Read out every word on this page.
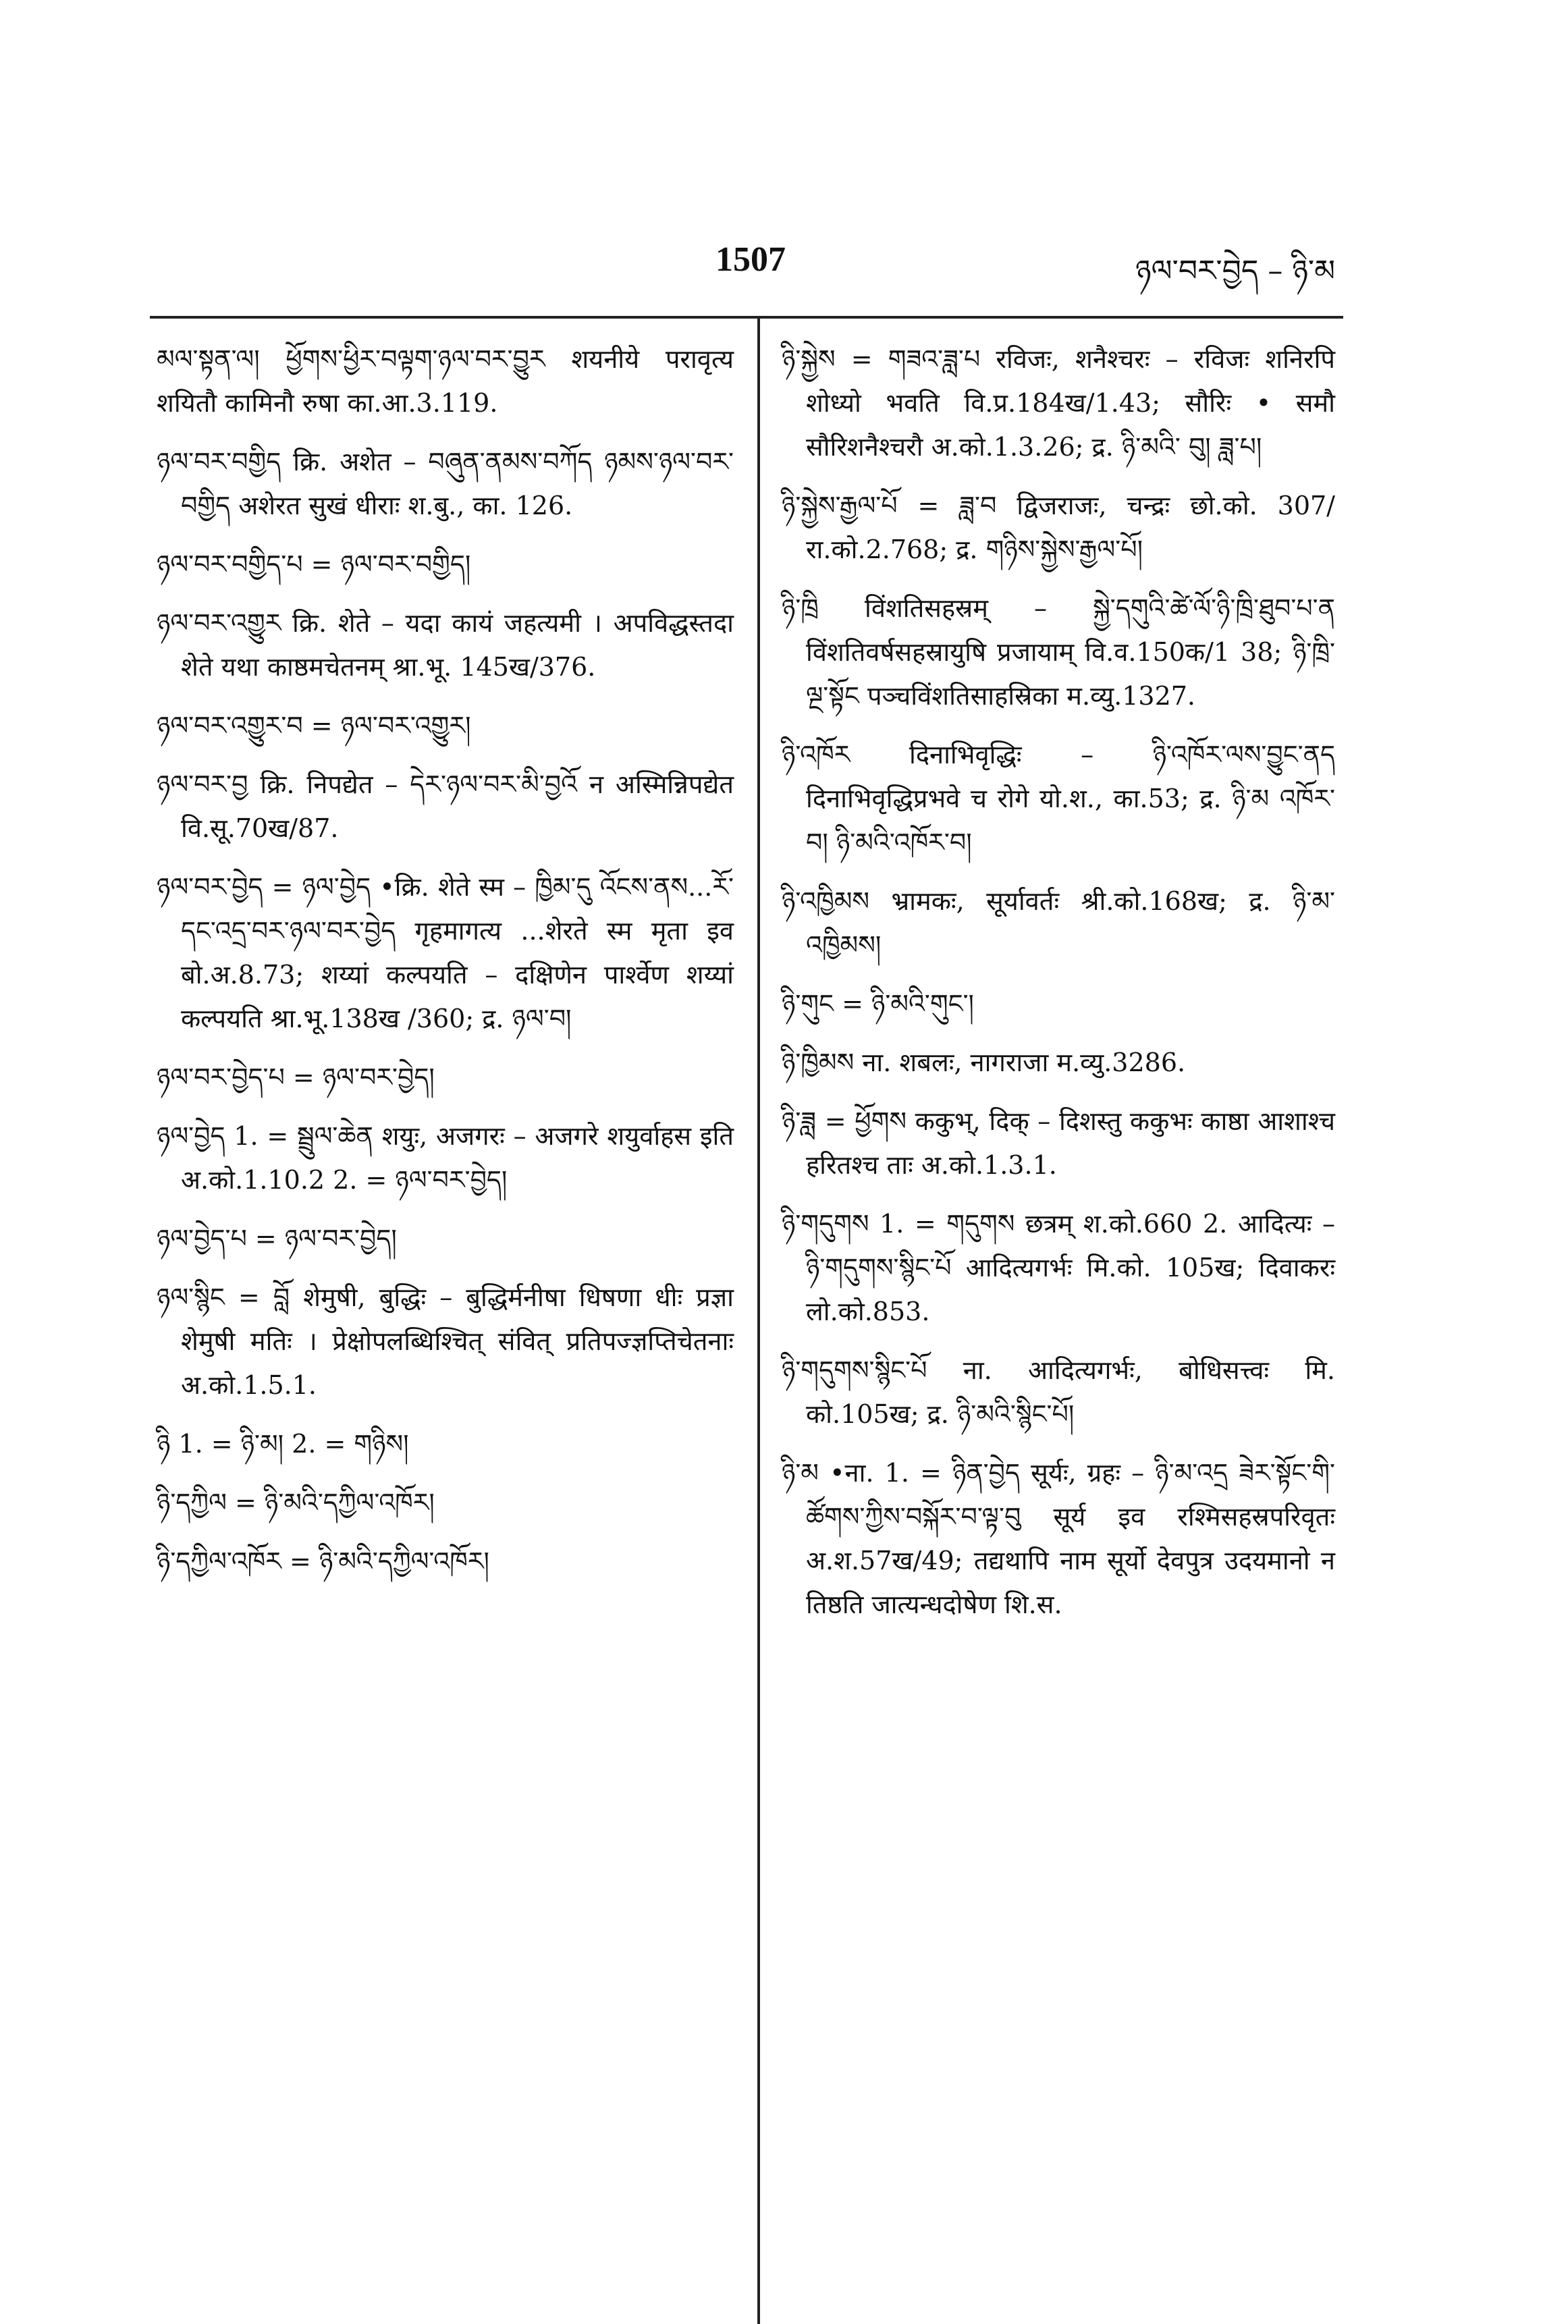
1507	ཉལ་བར་བྱེད – ཉི་མ

མལ་སྟན་ལ། ཕྱོགས་ཕྱིར་བལྟག་ཉལ་བར་བྱུར शयनीये परावृत्य शयितौ कामिनौ रुषा का.आ.3.119.

ཉལ་བར་བགྱིད क्रि. अशेत – བཞུན་ནམས་བཀོད ཉམས་ཉལ་བར་བགྱིད अशेरत सुखं धीराः श.बु., का. 126.

ཉལ་བར་བགྱིད་པ = ཉལ་བར་བགྱིད།

ཉལ་བར་འགྱུར क्रि. शेते – यदा कायं जहत्यमी । अपविद्धस्तदा शेते यथा काष्ठमचेतनम् श्रा.भू. 145ख/376.

ཉལ་བར་འགྱུར་བ = ཉལ་བར་འགྱུར།

ཉལ་བར་བྱ क्रि. निपद्येत – དེར་ཉལ་བར་མི་བྱའོ न अस्मिन्निपद्येत वि.सू.70ख/87.

ཉལ་བར་བྱེད = ཉལ་བྱེད •क्रि. शेते स्म – ཁྱིམ་དུ འོངས་ནས...རོ་དང་འདྲ་བར་ཉལ་བར་བྱེད गृहमागत्य ...शेरते स्म मृता इव बो.अ.8.73; शय्यां कल्पयति – दक्षिणेन पार्श्वेण शय्यां कल्पयति श्रा.भू.138ख /360; द्र. ཉལ་བ།

ཉལ་བར་བྱེད་པ = ཉལ་བར་བྱེད།

ཉལ་བྱེད 1. = སྦྲུལ་ཆེན शयुः, अजगरः – अजगरे शयुर्वाहस इति अ.को.1.10.2 2. = ཉལ་བར་བྱེད།

ཉལ་བྱེད་པ = ཉལ་བར་བྱེད།

ཉལ་སྙིང = བློ शेमुषी, बुद्धिः – बुद्धिर्मनीषा धिषणा धीः प्रज्ञा शेमुषी मतिः । प्रेक्षोपलब्धिश्चित् संवित् प्रतिपज्ज्ञप्तिचेतनाः अ.को.1.5.1.

ཉི 1. = ཉི་མ། 2. = གཉིས།

ཉི་དཀྱིལ = ཉི་མའི་དཀྱིལ་འཁོར།

ཉི་དཀྱིལ་འཁོར = ཉི་མའི་དཀྱིལ་འཁོར།

ཉི་སྐྱེས = གཟའ་ཟླ་པ रविजः, शनैश्चरः – रविजः शनिरपि शोध्यो भवति वि.प्र.184ख/1.43; सौरिः • समौ सौरिशनैश्चरौ अ.को.1.3.26; द्र. ཉི་མའི་ བུ། ཟླ་པ།

ཉི་སྐྱེས་རྒྱལ་པོ = ཟླ་བ द्विजराजः, चन्द्रः छो.को. 307/रा.को.2.768; द्र. གཉིས་སྐྱེས་རྒྱལ་པོ།

ཉི་ཁྲི विंशतिसहस्रम् – སྐྱེ་དགུའི་ཚེ་ལོ་ཉི་ཁྲི་ཐུབ་པ་ན विंशतिवर्षसहस्रायुषि प्रजायाम् वि.व.150क/1 38; ཉི་ཁྲི་ལྔ་སྟོང पञ्चविंशतिसाहस्रिका म.व्यु.1327.

ཉི་འཁོར दिनाभिवृद्धिः – ཉི་འཁོར་ལས་བྱུང་ནད दिनाभिवृद्धिप्रभवे च रोगे यो.श., का.53; द्र. ཉི་མ འཁོར་བ། ཉི་མའི་འཁོར་བ།

ཉི་འཁྱིམས भ्रामकः, सूर्यावर्तः श्री.को.168ख; द्र. ཉི་མ་འཁྱིམས།

ཉི་གུང = ཉི་མའི་གུང་།

ཉི་ཁྱིམས ना. शबलः, नागराजा म.व्यु.3286.

ཉི་ཟླ = ཕྱོགས ककुभ्, दिक् – दिशस्तु ककुभः काष्ठा आशाश्च हरितश्च ताः अ.को.1.3.1.

ཉི་གདུགས 1. = གདུགས छत्रम् श.को.660 2. आदित्यः – ཉི་གདུགས་སྙིང་པོ आदित्यगर्भः मि.को. 105ख; दिवाकरः लो.को.853.

ཉི་གདུགས་སྙིང་པོ ना. आदित्यगर्भः, बोधिसत्त्वः मि. को.105ख; द्र. ཉི་མའི་སྙིང་པོ།

ཉི་མ •ना. 1. = ཉིན་བྱེད सूर्यः, ग्रहः – ཉི་མ་འདྲ ཟེར་སྟོང་གི་ཚོགས་ཀྱིས་བསྐོར་བ་ལྟ་བུ सूर्य इव रश्मिसहस्रपरिवृतः अ.श.57ख/49; तद्यथापि नाम सूर्यो देवपुत्र उदयमानो न तिष्ठति जात्यन्धदोषेण शि.स.
